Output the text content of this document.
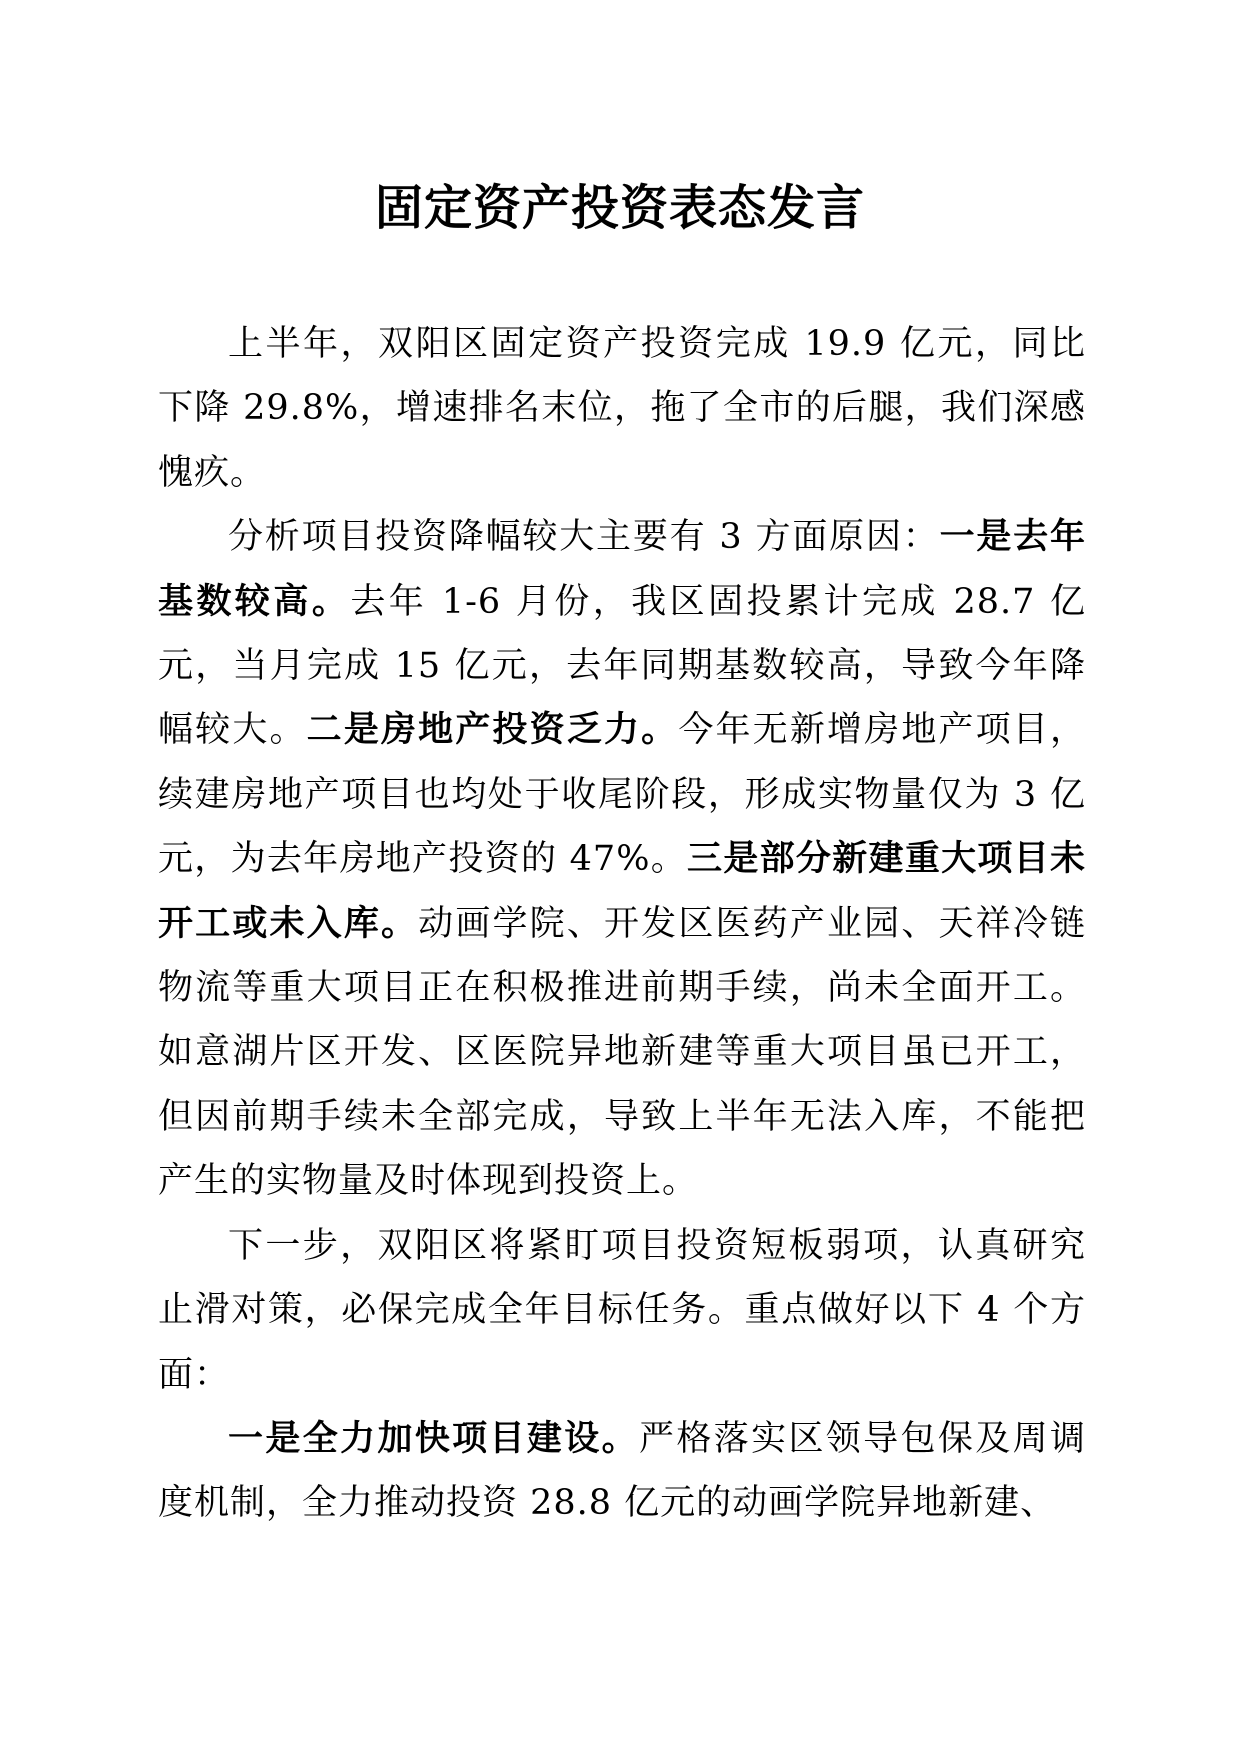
固定资产投资表态发言

上半年，双阳区固定资产投资完成 19.9 亿元，同比下降 29.8%，增速排名末位，拖了全市的后腿，我们深感愧疚。

分析项目投资降幅较大主要有 3 方面原因：一是去年基数较高。去年 1-6 月份，我区固投累计完成 28.7 亿元，当月完成 15 亿元，去年同期基数较高，导致今年降幅较大。二是房地产投资乏力。今年无新增房地产项目，续建房地产项目也均处于收尾阶段，形成实物量仅为 3 亿元，为去年房地产投资的 47%。三是部分新建重大项目未开工或未入库。动画学院、开发区医药产业园、天祥冷链物流等重大项目正在积极推进前期手续，尚未全面开工。如意湖片区开发、区医院异地新建等重大项目虽已开工，但因前期手续未全部完成，导致上半年无法入库，不能把产生的实物量及时体现到投资上。

下一步，双阳区将紧盯项目投资短板弱项，认真研究止滑对策，必保完成全年目标任务。重点做好以下 4 个方面：

一是全力加快项目建设。严格落实区领导包保及周调度机制，全力推动投资 28.8 亿元的动画学院异地新建、
